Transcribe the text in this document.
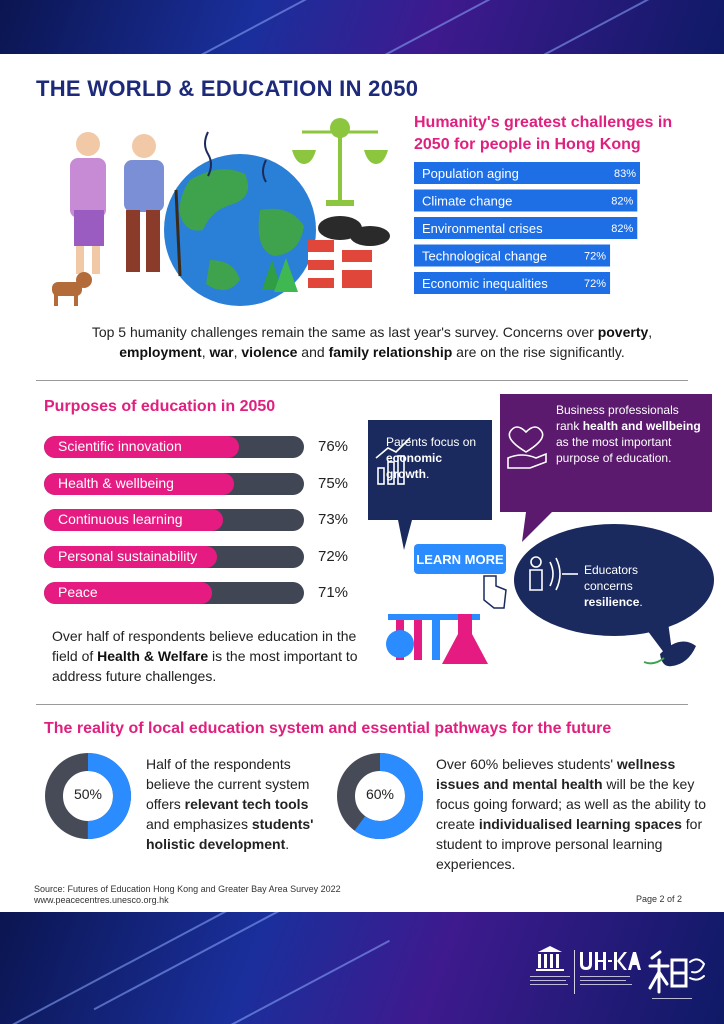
THE WORLD & EDUCATION IN 2050
Humanity's greatest challenges in 2050 for people in Hong Kong
Population aging	83%
Climate change	82%
Environmental crises	82%
Technological change	72%
Economic inequalities	72%

Top 5 humanity challenges remain the same as last year's survey. Concerns over poverty, employment, war, violence and family relationship are on the rise significantly.

Purposes of education in 2050
Scientific innovation	76%
Health & wellbeing	75%
Continuous learning	73%
Personal sustainability	72%
Peace	71%

Over half of respondents believe education in the field of Health & Welfare is the most important to address future challenges.

Parents focus on economic growth.
Business professionals rank health and wellbeing as the most important purpose of education.
Educators concerns resilience.
LEARN MORE
The reality of local education system and essential pathways for the future
50%

Half of the respondents believe the current system offers relevant tech tools and emphasizes students' holistic development.

60%

Over 60% believes students' wellness issues and mental health will be the key focus going forward; as well as the ability to create individualised learning spaces for student to improve personal learning experiences.

Source: Futures of Education Hong Kong and Greater Bay Area Survey 2022
www.peacecentres.unesco.org.hk	Page 2 of 2
